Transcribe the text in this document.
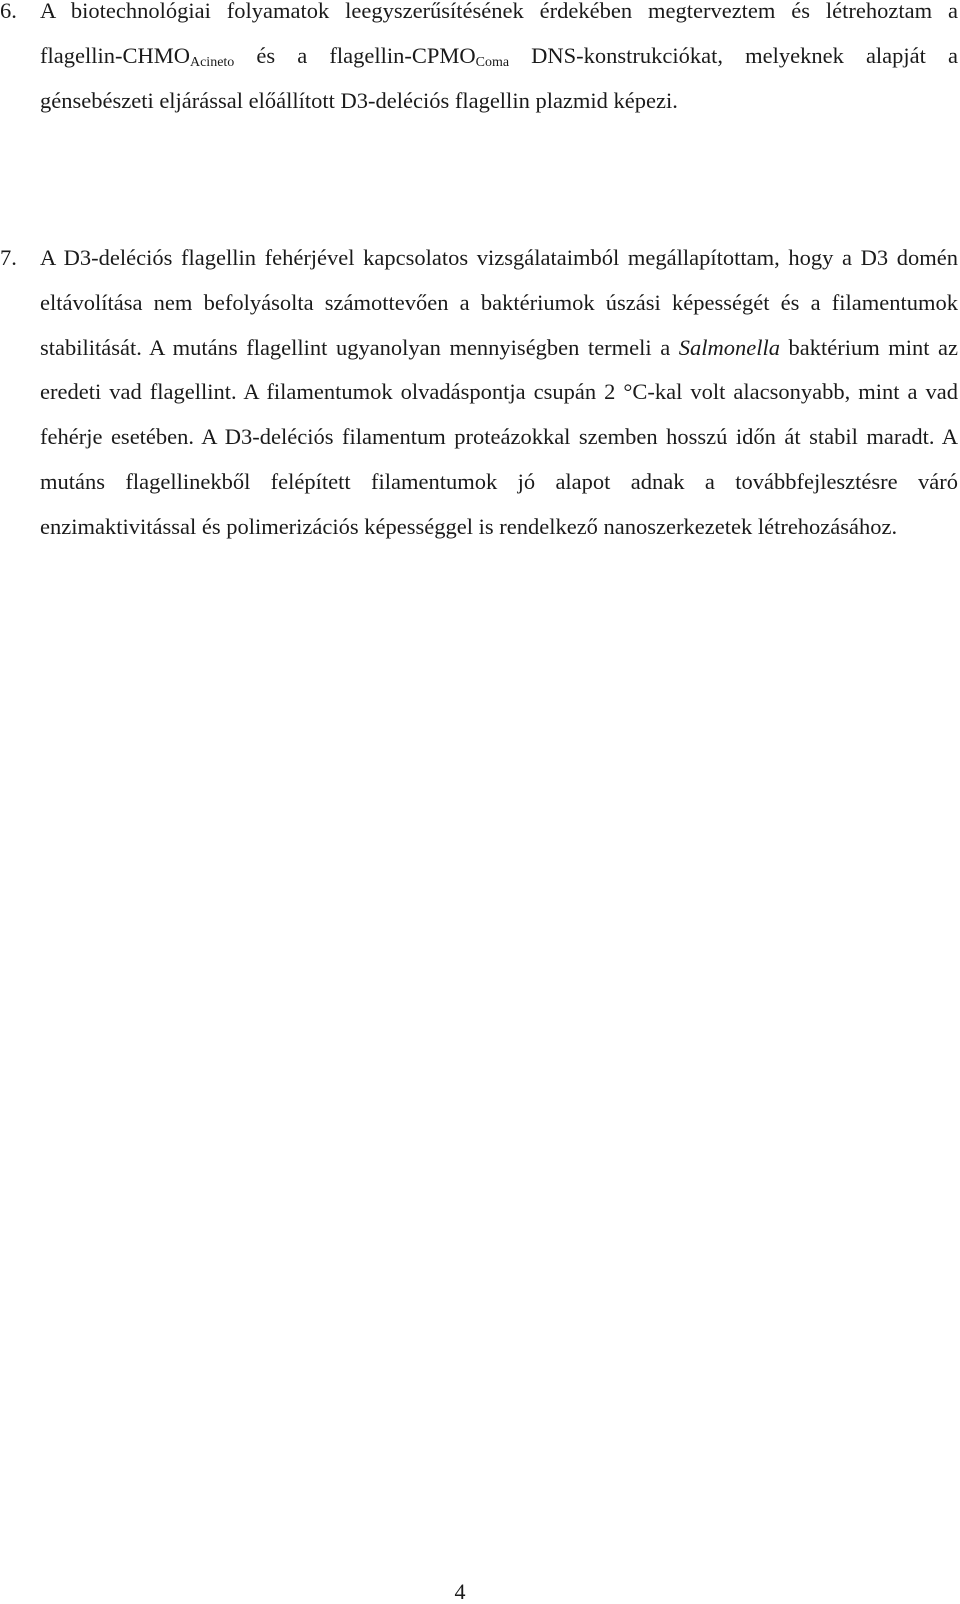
6. A biotechnológiai folyamatok leegyszerűsítésének érdekében megterveztem és létrehoztam a flagellin-$CHMO_{Acineto}$ és a flagellin-$CPMO_{Coma}$ DNS-konstrukciókat, melyeknek alapját a génsebészeti eljárással előállított D3-deléciós flagellin plazmid képezi.
7. A D3-deléciós flagellin fehérjével kapcsolatos vizsgálataimból megállapítottam, hogy a D3 domén eltávolítása nem befolyásolta számottevően a baktériumok úszási képességét és a filamentumok stabilitását. A mutáns flagellint ugyanolyan mennyiségben termeli a Salmonella baktérium mint az eredeti vad flagellint. A filamentumok olvadáspontja csupán 2 °C-kal volt alacsonyabb, mint a vad fehérje esetében. A D3-deléciós filamentum proteázokkal szemben hosszú időn át stabil maradt. A mutáns flagellinekből felépített filamentumok jó alapot adnak a továbbfejlesztésre váró enzimaktivitással és polimerizációs képességgel is rendelkező nanoszerkezetek létrehozásához.
4
